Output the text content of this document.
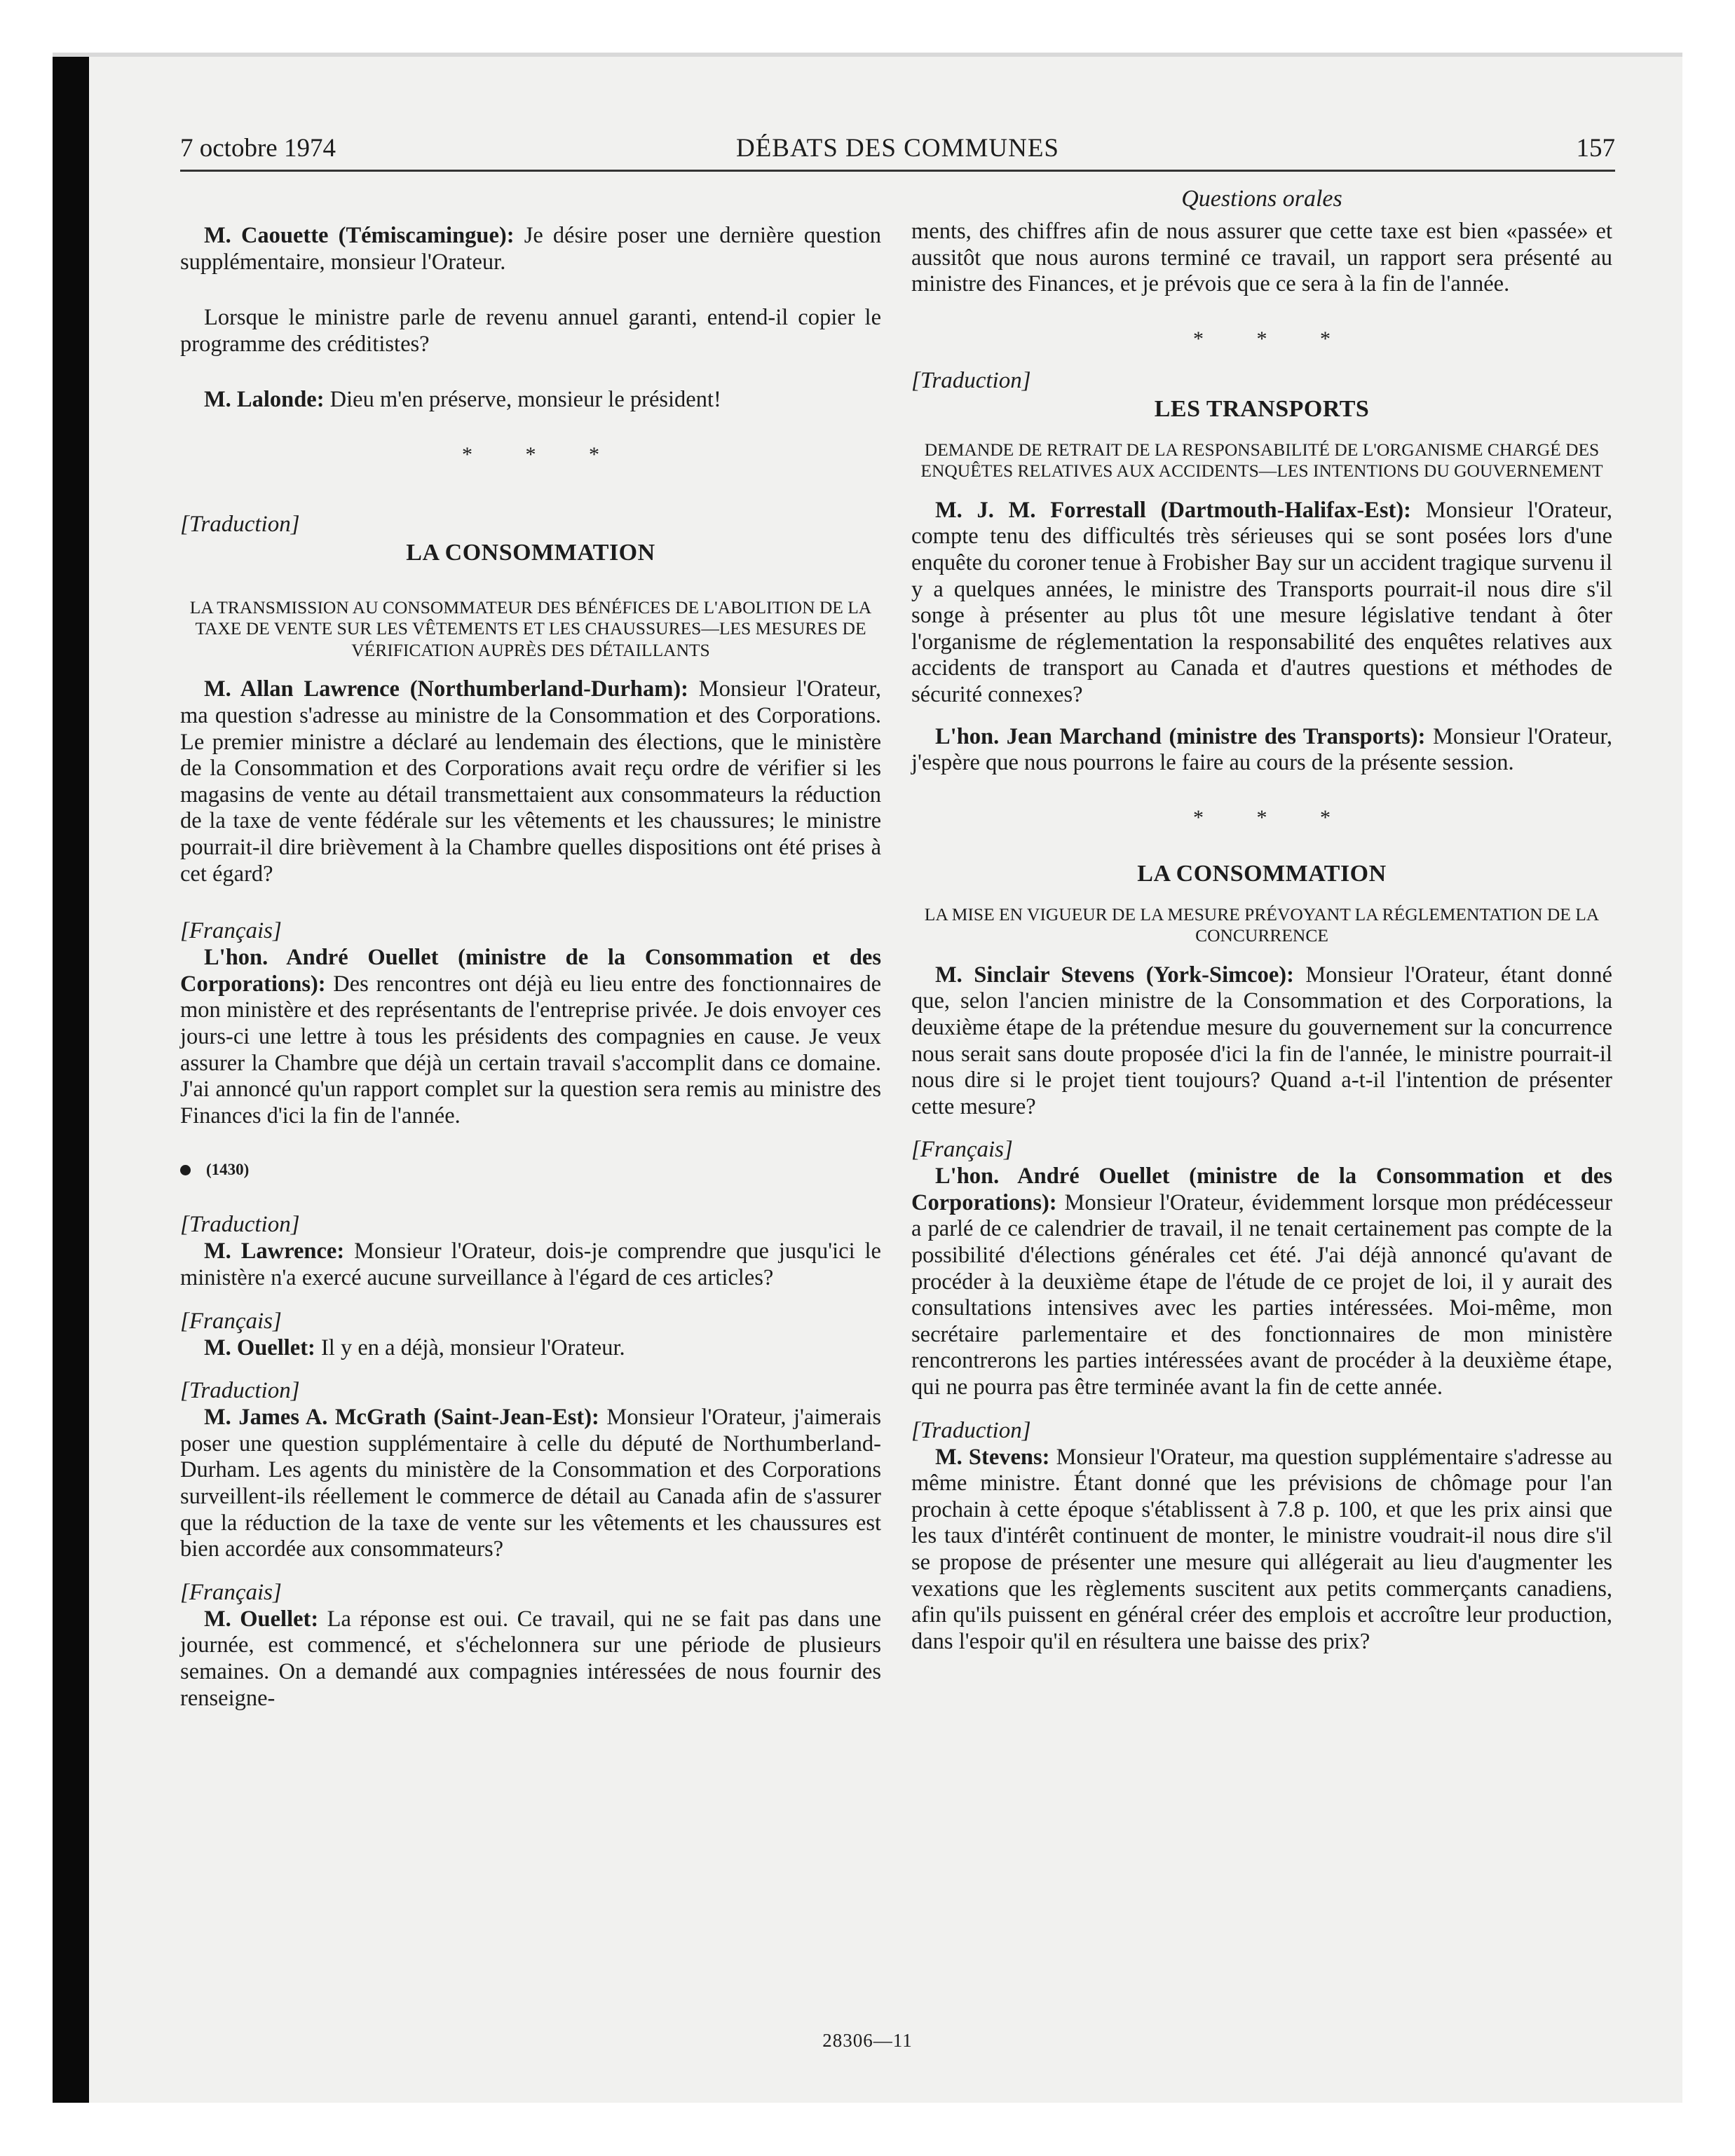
7 octobre 1974	DÉBATS DES COMMUNES	157

M. Caouette (Témiscamingue): Je désire poser une dernière question supplémentaire, monsieur l'Orateur.

Lorsque le ministre parle de revenu annuel garanti, entend-il copier le programme des créditistes?

M. Lalonde: Dieu m'en préserve, monsieur le président!

* * *
[Traduction]
LA CONSOMMATION
LA TRANSMISSION AU CONSOMMATEUR DES BÉNÉFICES DE L'ABOLITION DE LA TAXE DE VENTE SUR LES VÊTEMENTS ET LES CHAUSSURES—LES MESURES DE VÉRIFICATION AUPRÈS DES DÉTAILLANTS

M. Allan Lawrence (Northumberland-Durham): Monsieur l'Orateur, ma question s'adresse au ministre de la Consommation et des Corporations. Le premier ministre a déclaré au lendemain des élections, que le ministère de la Consommation et des Corporations avait reçu ordre de vérifier si les magasins de vente au détail transmettaient aux consommateurs la réduction de la taxe de vente fédérale sur les vêtements et les chaussures; le ministre pourrait-il dire brièvement à la Chambre quelles dispositions ont été prises à cet égard?

[Français]

L'hon. André Ouellet (ministre de la Consommation et des Corporations): Des rencontres ont déjà eu lieu entre des fonctionnaires de mon ministère et des représentants de l'entreprise privée. Je dois envoyer ces jours-ci une lettre à tous les présidents des compagnies en cause. Je veux assurer la Chambre que déjà un certain travail s'accomplit dans ce domaine. J'ai annoncé qu'un rapport complet sur la question sera remis au ministre des Finances d'ici la fin de l'année.

(1430)
[Traduction]

M. Lawrence: Monsieur l'Orateur, dois-je comprendre que jusqu'ici le ministère n'a exercé aucune surveillance à l'égard de ces articles?

[Français]

M. Ouellet: Il y en a déjà, monsieur l'Orateur.

[Traduction]

M. James A. McGrath (Saint-Jean-Est): Monsieur l'Orateur, j'aimerais poser une question supplémentaire à celle du député de Northumberland-Durham. Les agents du ministère de la Consommation et des Corporations surveillent-ils réellement le commerce de détail au Canada afin de s'assurer que la réduction de la taxe de vente sur les vêtements et les chaussures est bien accordée aux consommateurs?

[Français]

M. Ouellet: La réponse est oui. Ce travail, qui ne se fait pas dans une journée, est commencé, et s'échelonnera sur une période de plusieurs semaines. On a demandé aux compagnies intéressées de nous fournir des renseigne-

Questions orales

ments, des chiffres afin de nous assurer que cette taxe est bien «passée» et aussitôt que nous aurons terminé ce travail, un rapport sera présenté au ministre des Finances, et je prévois que ce sera à la fin de l'année.

* * *
[Traduction]
LES TRANSPORTS
DEMANDE DE RETRAIT DE LA RESPONSABILITÉ DE L'ORGANISME CHARGÉ DES ENQUÊTES RELATIVES AUX ACCIDENTS—LES INTENTIONS DU GOUVERNEMENT

M. J. M. Forrestall (Dartmouth-Halifax-Est): Monsieur l'Orateur, compte tenu des difficultés très sérieuses qui se sont posées lors d'une enquête du coroner tenue à Frobisher Bay sur un accident tragique survenu il y a quelques années, le ministre des Transports pourrait-il nous dire s'il songe à présenter au plus tôt une mesure législative tendant à ôter l'organisme de réglementation la responsabilité des enquêtes relatives aux accidents de transport au Canada et d'autres questions et méthodes de sécurité connexes?

L'hon. Jean Marchand (ministre des Transports): Monsieur l'Orateur, j'espère que nous pourrons le faire au cours de la présente session.

* * *
LA CONSOMMATION
LA MISE EN VIGUEUR DE LA MESURE PRÉVOYANT LA RÉGLEMENTATION DE LA CONCURRENCE

M. Sinclair Stevens (York-Simcoe): Monsieur l'Orateur, étant donné que, selon l'ancien ministre de la Consommation et des Corporations, la deuxième étape de la prétendue mesure du gouvernement sur la concurrence nous serait sans doute proposée d'ici la fin de l'année, le ministre pourrait-il nous dire si le projet tient toujours? Quand a-t-il l'intention de présenter cette mesure?

[Français]

L'hon. André Ouellet (ministre de la Consommation et des Corporations): Monsieur l'Orateur, évidemment lorsque mon prédécesseur a parlé de ce calendrier de travail, il ne tenait certainement pas compte de la possibilité d'élections générales cet été. J'ai déjà annoncé qu'avant de procéder à la deuxième étape de l'étude de ce projet de loi, il y aurait des consultations intensives avec les parties intéressées. Moi-même, mon secrétaire parlementaire et des fonctionnaires de mon ministère rencontrerons les parties intéressées avant de procéder à la deuxième étape, qui ne pourra pas être terminée avant la fin de cette année.

[Traduction]

M. Stevens: Monsieur l'Orateur, ma question supplémentaire s'adresse au même ministre. Étant donné que les prévisions de chômage pour l'an prochain à cette époque s'établissent à 7.8 p. 100, et que les prix ainsi que les taux d'intérêt continuent de monter, le ministre voudrait-il nous dire s'il se propose de présenter une mesure qui allégerait au lieu d'augmenter les vexations que les règlements suscitent aux petits commerçants canadiens, afin qu'ils puissent en général créer des emplois et accroître leur production, dans l'espoir qu'il en résultera une baisse des prix?

28306—11
